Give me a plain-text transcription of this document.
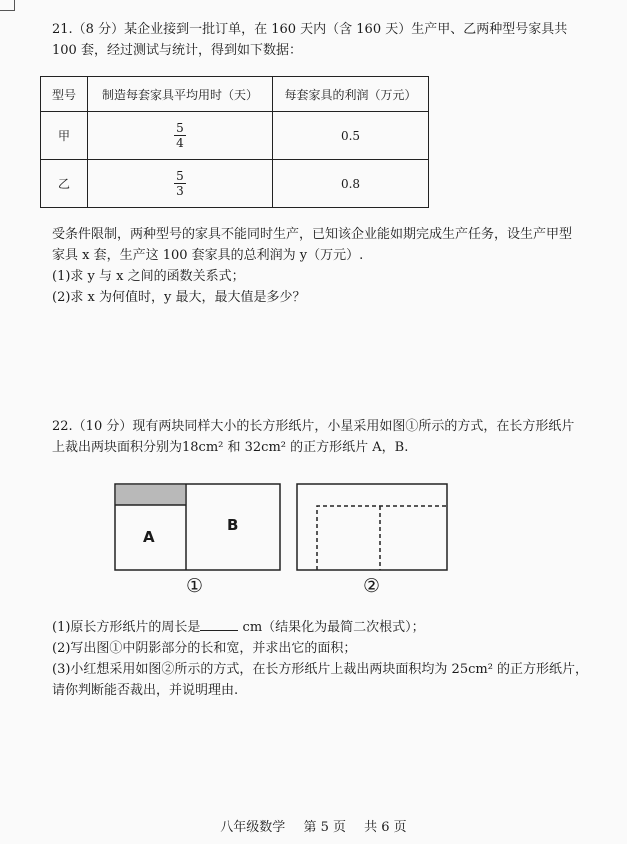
21.（8 分）某企业接到一批订单，在 160 天内（含 160 天）生产甲、乙两种型号家具共 100 套，经过测试与统计，得到如下数据：
型号	制造每套家具平均用时（天）	每套家具的利润（万元）
甲	$\frac{5}{4}$	0.5
乙	$\frac{5}{3}$	0.8
受条件限制，两种型号的家具不能同时生产，已知该企业能如期完成生产任务，设生产甲型
家具 x 套，生产这 100 套家具的总利润为 y（万元）.
(1)求 y 与 x 之间的函数关系式；
(2)求 x 为何值时，y 最大，最大值是多少？
22.（10 分）现有两块同样大小的长方形纸片，小星采用如图①所示的方式，在长方形纸片
上裁出两块面积分别为18cm² 和 32cm² 的正方形纸片 A，B.
A
B
①	②
(1)原长方形纸片的周长是	cm（结果化为最简二次根式）；
(2)写出图①中阴影部分的长和宽，并求出它的面积；
(3)小红想采用如图②所示的方式，在长方形纸片上裁出两块面积均为 25cm² 的正方形纸片，
请你判断能否裁出，并说明理由.
八年级数学 第 5 页 共 6 页
